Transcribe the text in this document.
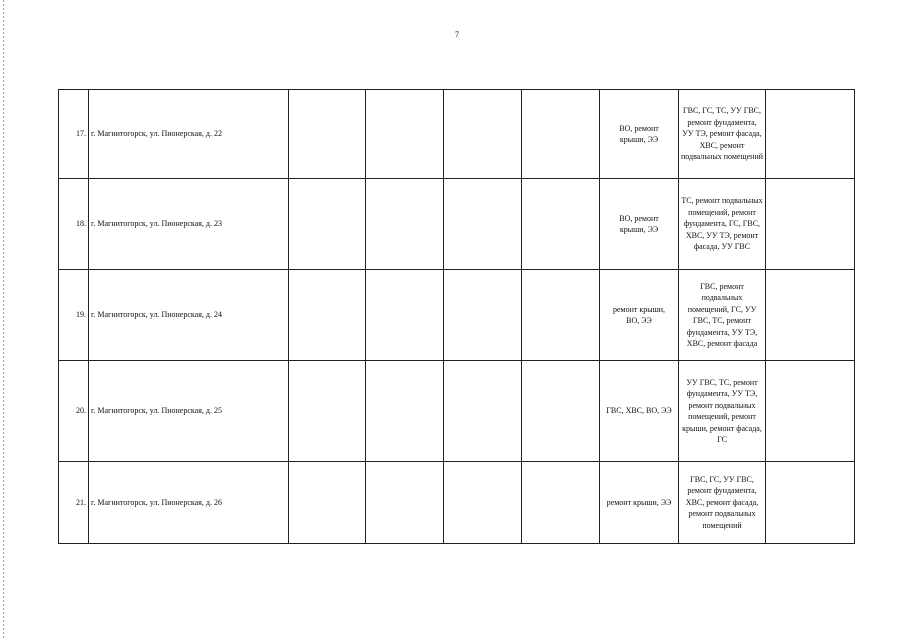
7
17.	г. Магнитогорск, ул. Пионерская, д. 22					ВО, ремонт крыши, ЭЭ	ГВС, ГС, ТС, УУ ГВС, ремонт фундамента, УУ ТЭ, ремонт фасада, ХВС, ремонт подвальных помещений	
18.	г. Магнитогорск, ул. Пионерская, д. 23					ВО, ремонт крыши, ЭЭ	ТС, ремонт подвальных помещений, ремонт фундамента, ГС, ГВС, ХВС, УУ ТЭ, ремонт фасада, УУ ГВС	
19.	г. Магнитогорск, ул. Пионерская, д. 24					ремонт крыши, ВО, ЭЭ	ГВС, ремонт подвальных помещений, ГС, УУ ГВС, ТС, ремонт фундамента, УУ ТЭ, ХВС, ремонт фасада	
20.	г. Магнитогорск, ул. Пионерская, д. 25					ГВС, ХВС, ВО, ЭЭ	УУ ГВС, ТС, ремонт фундамента, УУ ТЭ, ремонт подвальных помещений, ремонт крыши, ремонт фасада, ГС	
21.	г. Магнитогорск, ул. Пионерская, д. 26					ремонт крыши, ЭЭ	ГВС, ГС, УУ ГВС, ремонт фундамента, ХВС, ремонт фасада, ремонт подвальных помещений	
